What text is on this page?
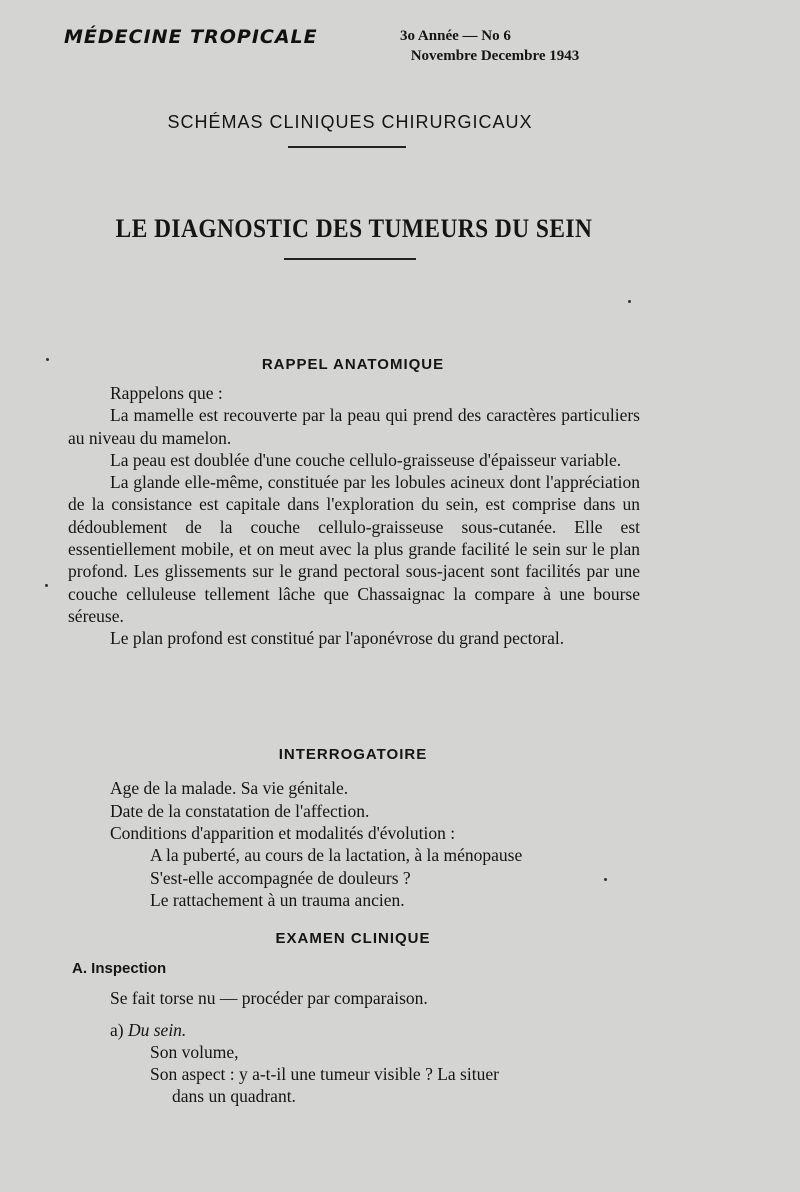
MÉDECINE TROPICALE	3o Année — No 6
Novembre Decembre 1943
SCHÉMAS CLINIQUES CHIRURGICAUX
LE DIAGNOSTIC DES TUMEURS DU SEIN
RAPPEL ANATOMIQUE

Rappelons que :

La mamelle est recouverte par la peau qui prend des caractères particuliers au niveau du mamelon.

La peau est doublée d'une couche cellulo-graisseuse d'épaisseur variable.

La glande elle-même, constituée par les lobules acineux dont l'appréciation de la consistance est capitale dans l'exploration du sein, est comprise dans un dédoublement de la couche cellulo-graisseuse sous-cutanée. Elle est essentiellement mobile, et on meut avec la plus grande facilité le sein sur le plan profond. Les glissements sur le grand pectoral sous-jacent sont facilités par une couche celluleuse tellement lâche que Chassaignac la compare à une bourse séreuse.

Le plan profond est constitué par l'aponévrose du grand pectoral.

INTERROGATOIRE
Age de la malade. Sa vie génitale.
Date de la constatation de l'affection.
Conditions d'apparition et modalités d'évolution :
A la puberté, au cours de la lactation, à la ménopause
S'est-elle accompagnée de douleurs ?
Le rattachement à un trauma ancien.
EXAMEN CLINIQUE
A. Inspection
Se fait torse nu — procéder par comparaison.
a) Du sein.
Son volume,
Son aspect : y a-t-il une tumeur visible ? La situer
dans un quadrant.
